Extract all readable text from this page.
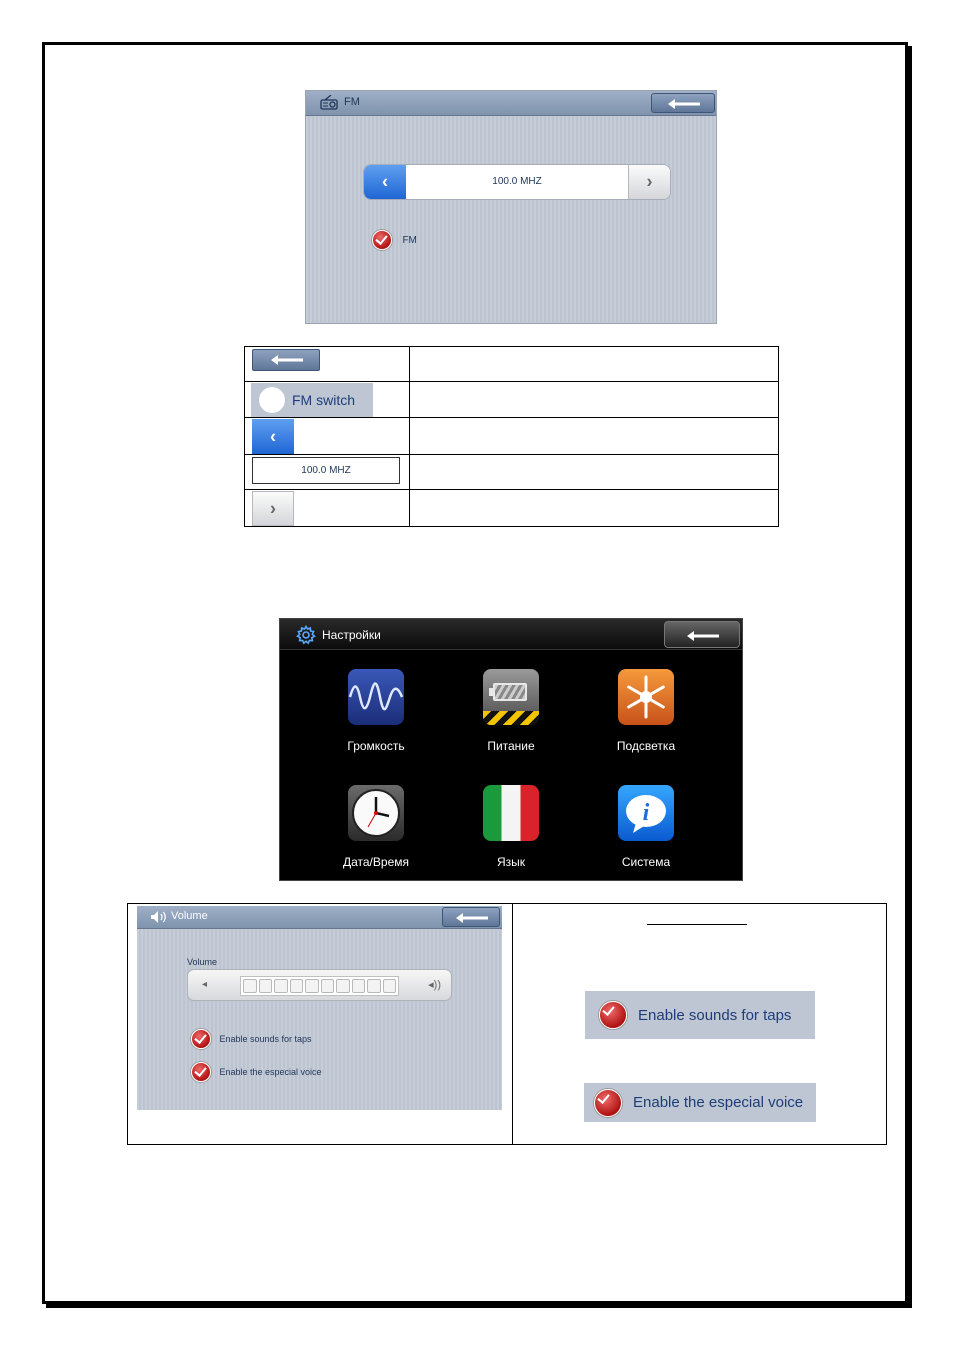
FM
‹	100.0 MHZ	›
FM

FM switch	

‹	

100.0 MHZ	

›	

Настройки
Громкость	Питание	Подсветка
Дата/Время	Язык
i
Система
Volume
Volume
◂	◂))
Enable sounds for taps
Enable the especial voice
Enable sounds for taps
Enable the especial voice
